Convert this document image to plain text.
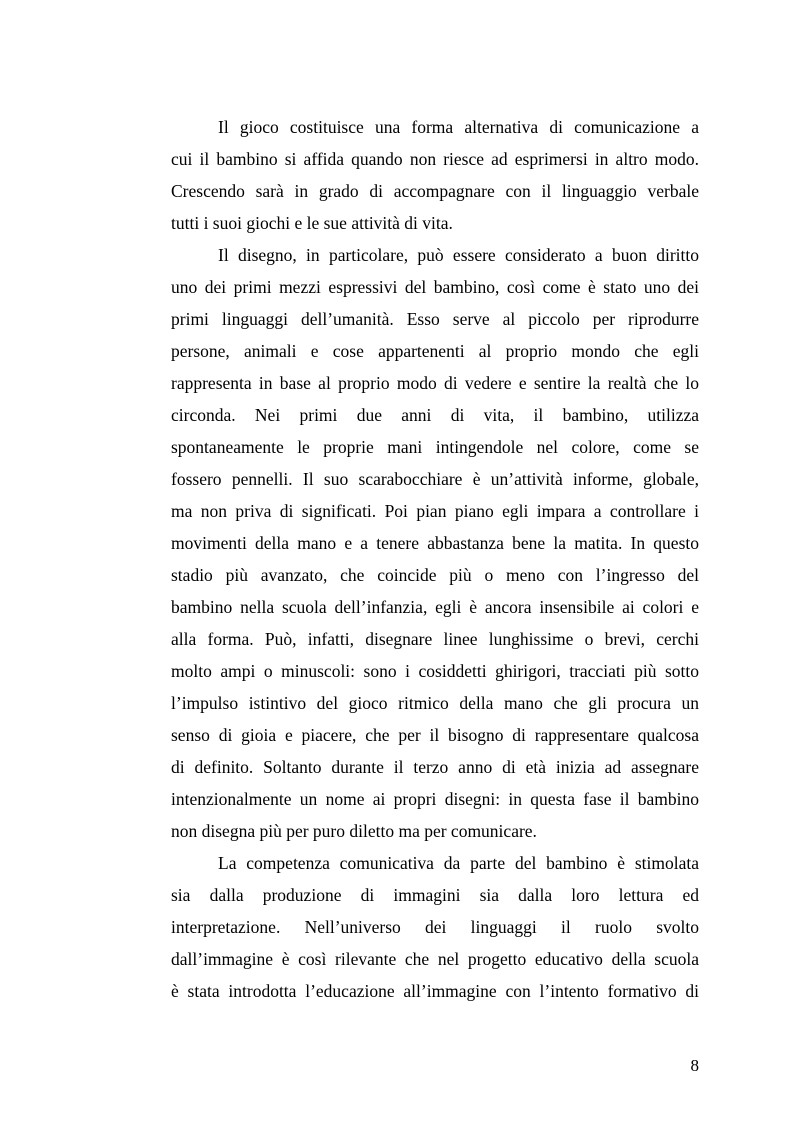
Il gioco costituisce una forma alternativa di comunicazione a
cui il bambino si affida quando non riesce ad esprimersi in altro modo.
Crescendo sarà in grado di accompagnare con il linguaggio verbale
tutti i suoi giochi e le sue attività di vita.
Il disegno, in particolare, può essere considerato a buon diritto
uno dei primi mezzi espressivi del bambino, così come è stato uno dei
primi linguaggi dell’umanità. Esso serve al piccolo per riprodurre
persone, animali e cose appartenenti al proprio mondo che egli
rappresenta in base al proprio modo di vedere e sentire la realtà che lo
circonda. Nei primi due anni di vita, il bambino, utilizza
spontaneamente le proprie mani intingendole nel colore, come se
fossero pennelli. Il suo scarabocchiare è un’attività informe, globale,
ma non priva di significati. Poi pian piano egli impara a controllare i
movimenti della mano e a tenere abbastanza bene la matita. In questo
stadio più avanzato, che coincide più o meno con l’ingresso del
bambino nella scuola dell’infanzia, egli è ancora insensibile ai colori e
alla forma. Può, infatti, disegnare linee lunghissime o brevi, cerchi
molto ampi o minuscoli: sono i cosiddetti ghirigori, tracciati più sotto
l’impulso istintivo del gioco ritmico della mano che gli procura un
senso di gioia e piacere, che per il bisogno di rappresentare qualcosa
di definito. Soltanto durante il terzo anno di età inizia ad assegnare
intenzionalmente un nome ai propri disegni: in questa fase il bambino
non disegna più per puro diletto ma per comunicare.
La competenza comunicativa da parte del bambino è stimolata
sia dalla produzione di immagini sia dalla loro lettura ed
interpretazione. Nell’universo dei linguaggi il ruolo svolto
dall’immagine è così rilevante che nel progetto educativo della scuola
è stata introdotta l’educazione all’immagine con l’intento formativo di
8
